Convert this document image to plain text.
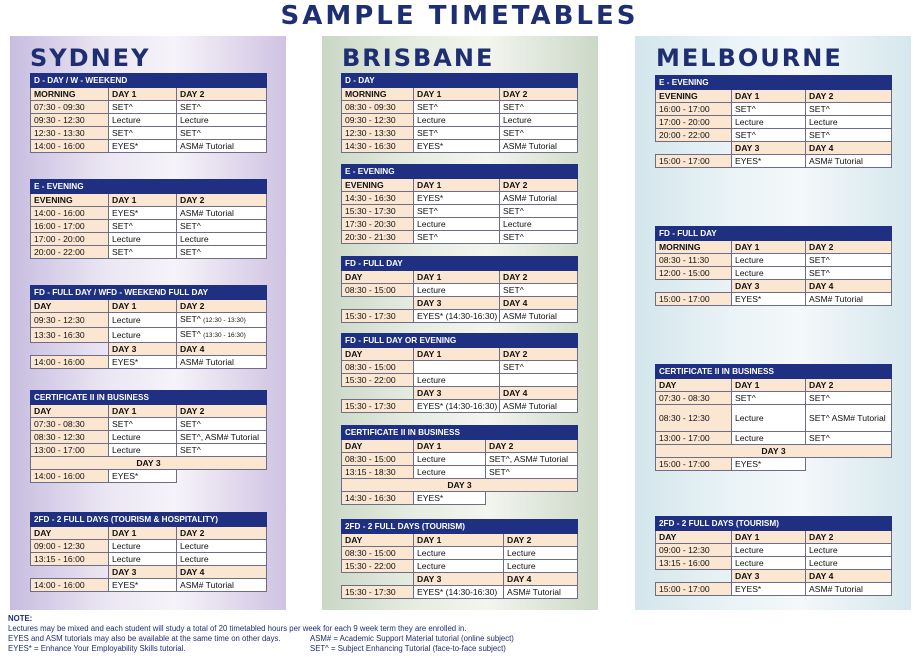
SAMPLE TIMETABLES
SYDNEY
D - DAY / W - WEEKEND		
MORNING	DAY 1	DAY 2
07:30 - 09:30	SET^	SET^
09:30 - 12:30	Lecture	Lecture
12:30 - 13:30	SET^	SET^
14:00 - 16:00	EYES*	ASM# Tutorial
E - EVENING		
EVENING	DAY 1	DAY 2
14:00 - 16:00	EYES*	ASM# Tutorial
16:00 - 17:00	SET^	SET^
17:00 - 20:00	Lecture	Lecture
20:00 - 22:00	SET^	SET^
FD - FULL DAY / WFD - WEEKEND FULL DAY		
DAY	DAY 1	DAY 2
09:30 - 12:30	Lecture	SET^ (12:30 - 13:30)
13:30 - 16:30	Lecture	SET^ (13:30 - 16:30)
	DAY 3	DAY 4
14:00 - 16:00	EYES*	ASM# Tutorial
CERTIFICATE II IN BUSINESS		
DAY	DAY 1	DAY 2
07:30 - 08:30	SET^	SET^
08:30 - 12:30	Lecture	SET^, ASM# Tutorial
13:00 - 17:00	Lecture	SET^
DAY 3		
14:00 - 16:00	EYES*	
2FD - 2 FULL DAYS (TOURISM & HOSPITALITY)		
DAY	DAY 1	DAY 2
09:00 - 12:30	Lecture	Lecture
13:15 - 16:00	Lecture	Lecture
	DAY 3	DAY 4
14:00 - 16:00	EYES*	ASM# Tutorial
BRISBANE
D - DAY		
MORNING	DAY 1	DAY 2
08:30 - 09:30	SET^	SET^
09:30 - 12:30	Lecture	Lecture
12:30 - 13:30	SET^	SET^
14:30 - 16:30	EYES*	ASM# Tutorial
E - EVENING		
EVENING	DAY 1	DAY 2
14:30 - 16:30	EYES*	ASM# Tutorial
15:30 - 17:30	SET^	SET^
17:30 - 20:30	Lecture	Lecture
20:30 - 21:30	SET^	SET^
FD - FULL DAY		
DAY	DAY 1	DAY 2
08:30 - 15:00	Lecture	SET^
	DAY 3	DAY 4
15:30 - 17:30	EYES* (14:30-16:30)	ASM# Tutorial
FD - FULL DAY OR EVENING		
DAY	DAY 1	DAY 2
08:30 - 15:00		SET^
15:30 - 22:00	Lecture	
	DAY 3	DAY 4
15:30 - 17:30	EYES* (14:30-16:30)	ASM# Tutorial
CERTIFICATE II IN BUSINESS		
DAY	DAY 1	DAY 2
08:30 - 15:00	Lecture	SET^, ASM# Tutorial
13:15 - 18:30	Lecture	SET^
DAY 3		
14:30 - 16:30	EYES*	
2FD - 2 FULL DAYS (TOURISM)		
DAY	DAY 1	DAY 2
08:30 - 15:00	Lecture	Lecture
15:30 - 22:00	Lecture	Lecture
	DAY 3	DAY 4
15:30 - 17:30	EYES* (14:30-16:30)	ASM# Tutorial
MELBOURNE
E - EVENING		
EVENING	DAY 1	DAY 2
16:00 - 17:00	SET^	SET^
17:00 - 20:00	Lecture	Lecture
20:00 - 22:00	SET^	SET^
	DAY 3	DAY 4
15:00 - 17:00	EYES*	ASM# Tutorial
FD - FULL DAY		
MORNING	DAY 1	DAY 2
08:30 - 11:30	Lecture	SET^
12:00 - 15:00	Lecture	SET^
	DAY 3	DAY 4
15:00 - 17:00	EYES*	ASM# Tutorial
CERTIFICATE II IN BUSINESS		
DAY	DAY 1	DAY 2
07:30 - 08:30	SET^	SET^
08:30 - 12:30	Lecture	SET^ ASM# Tutorial
13:00 - 17:00	Lecture	SET^
DAY 3		
15:00 - 17:00	EYES*	
2FD - 2 FULL DAYS (TOURISM)		
DAY	DAY 1	DAY 2
09:00 - 12:30	Lecture	Lecture
13:15 - 16:00	Lecture	Lecture
	DAY 3	DAY 4
15:00 - 17:00	EYES*	ASM# Tutorial
NOTE:
Lectures may be mixed and each student will study a total of 20 timetabled hours per week for each 9 week term they are enrolled in.
EYES and ASM tutorials may also be available at the same time on other days.	ASM# = Academic Support Material tutorial (online subject)
EYES* = Enhance Your Employability Skills tutorial.	SET^ = Subject Enhancing Tutorial (face-to-face subject)
